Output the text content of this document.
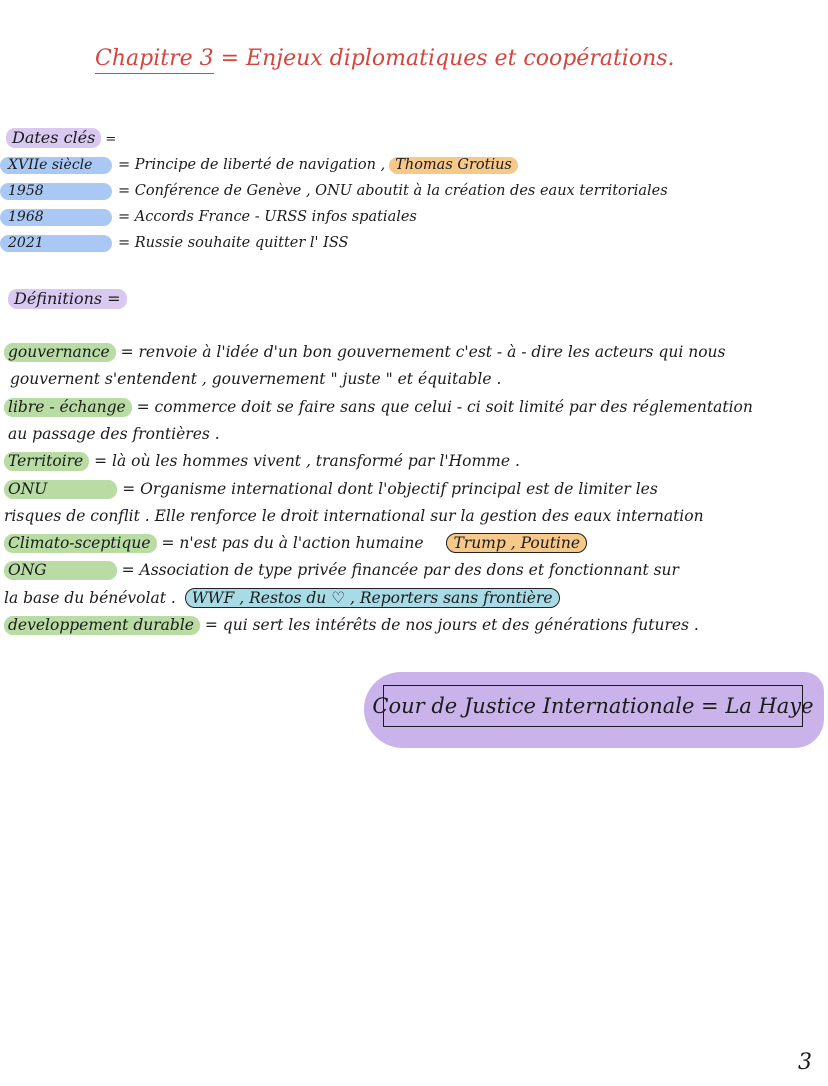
Chapitre 3 = Enjeux diplomatiques et coopérations.
Dates clés =
XVIIe siècle	= Principe de liberté de navigation , Thomas Grotius
1958	= Conférence de Genève , ONU aboutit à la création des eaux territoriales
1968	= Accords France - URSS infos spatiales
2021	= Russie souhaite quitter l' ISS
Définitions =
gouvernance = renvoie à l'idée d'un bon gouvernement c'est - à - dire les acteurs qui nous
gouvernent s'entendent , gouvernement " juste " et équitable .
libre - échange = commerce doit se faire sans que celui - ci soit limité par des réglementation
au passage des frontières .
Territoire = là où les hommes vivent , transformé par l'Homme .
ONU	= Organisme international dont l'objectif principal est de limiter les
risques de conflit . Elle renforce le droit international sur la gestion des eaux internation
Climato-sceptique = n'est pas du à l'action humaine Trump , Poutine
ONG	= Association de type privée financée par des dons et fonctionnant sur
la base du bénévolat . WWF , Restos du ♡ , Reporters sans frontière
developpement durable = qui sert les intérêts de nos jours et des générations futures .
Cour de Justice Internationale = La Haye
3
